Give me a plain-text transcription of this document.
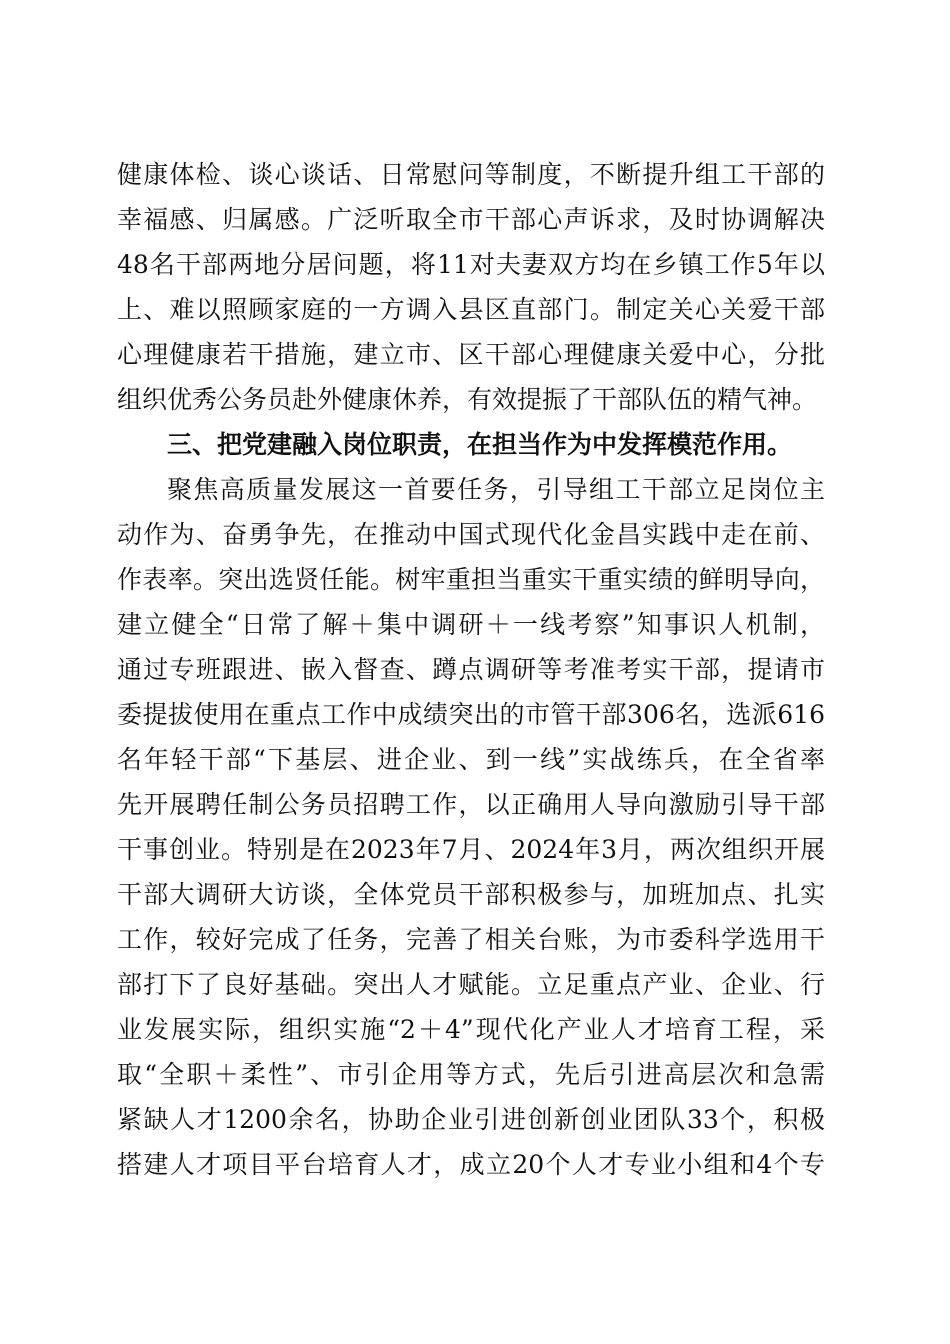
健康体检、谈心谈话、日常慰问等制度，不断提升组工干部的
幸福感、归属感。广泛听取全市干部心声诉求，及时协调解决
48名干部两地分居问题，将11对夫妻双方均在乡镇工作5年以
上、难以照顾家庭的一方调入县区直部门。制定关心关爱干部
心理健康若干措施，建立市、区干部心理健康关爱中心，分批
组织优秀公务员赴外健康休养，有效提振了干部队伍的精气神。
三、把党建融入岗位职责，在担当作为中发挥模范作用。
聚焦高质量发展这一首要任务，引导组工干部立足岗位主
动作为、奋勇争先，在推动中国式现代化金昌实践中走在前、
作表率。突出选贤任能。树牢重担当重实干重实绩的鲜明导向，
建立健全“日常了解＋集中调研＋一线考察”知事识人机制，
通过专班跟进、嵌入督查、蹲点调研等考准考实干部，提请市
委提拔使用在重点工作中成绩突出的市管干部306名，选派616
名年轻干部“下基层、进企业、到一线”实战练兵，在全省率
先开展聘任制公务员招聘工作，以正确用人导向激励引导干部
干事创业。特别是在2023年7月、2024年3月，两次组织开展
干部大调研大访谈，全体党员干部积极参与，加班加点、扎实
工作，较好完成了任务，完善了相关台账，为市委科学选用干
部打下了良好基础。突出人才赋能。立足重点产业、企业、行
业发展实际，组织实施“2＋4”现代化产业人才培育工程，采
取“全职＋柔性”、市引企用等方式，先后引进高层次和急需
紧缺人才1200余名，协助企业引进创新创业团队33个，积极
搭建人才项目平台培育人才，成立20个人才专业小组和4个专
